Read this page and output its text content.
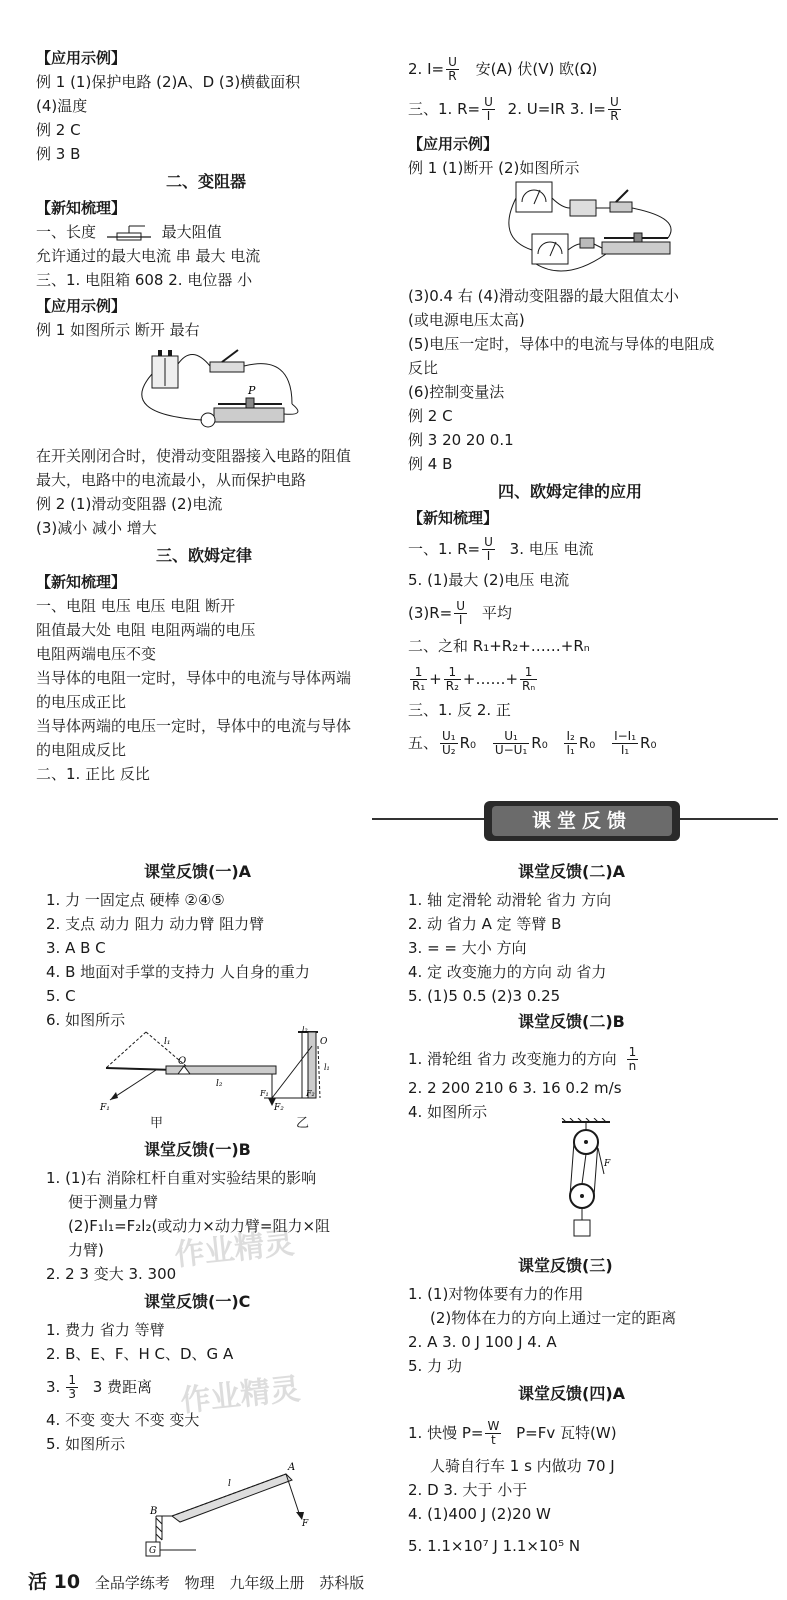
【应用示例】
例 1 (1)保护电路 (2)A、D (3)横截面积
(4)温度
例 2 C
例 3 B
二、变阻器
【新知梳理】
一、长度	最大阻值
允许通过的最大电流 串 最大 电流
三、1. 电阻箱 608 2. 电位器 小
【应用示例】
例 1 如图所示 断开 最右
P
在开关刚闭合时，使滑动变阻器接入电路的阻值
最大，电路中的电流最小，从而保护电路
例 2 (1)滑动变阻器 (2)电流
(3)减小 减小 增大
三、欧姆定律
【新知梳理】
一、电阻 电压 电压 电阻 断开
阻值最大处 电阻 电阻两端的电压
电阻两端电压不变
当导体的电阻一定时，导体中的电流与导体两端
的电压成正比
当导体两端的电压一定时，导体中的电流与导体
的电阻成反比
二、1. 正比 反比
2. $I= \frac{U}{R}$ 安(A) 伏(V) 欧(Ω)
三、1. $R= \frac{U}{I} 2$. U=IR 3. $I= \frac{U}{R}$
【应用示例】
例 1 (1)断开 (2)如图所示
(3)0.4 右 (4)滑动变阻器的最大阻值太小
(或电源电压太高)
(5)电压一定时，导体中的电流与导体的电阻成
反比
(6)控制变量法
例 2 C
例 3 20 20 0.1
例 4 B
四、欧姆定律的应用
【新知梳理】
一、1. $R= \frac{U}{I} 3$. 电压 电流
5. (1)最大 (2)电压 电流
$(3)R= \frac{U}{I}$ 平均
二、之和 R₁+R₂+……+Rₙ
$\frac{1}{\text{R₁}} + \frac{1}{\text{R₂}}$ +……+ $\frac{1}{\text{Rₙ}}$
三、1. 反 2. 正
五、 $\frac{\text{U₁}}{\text{U₂}} R_0 \frac{\text{U₁}}{\text{U−U₁}} R_0 \frac{\text{I₂}}{\text{I₁}} R_0 \frac{\text{I−I₁}}{\text{I₁}} R_0$
课堂反馈
课堂反馈(一)A
1. 力 一固定点 硬棒 ②④⑤
2. 支点 动力 阻力 动力臂 阻力臂
3. A B C
4. B 地面对手掌的支持力 人自身的重力
5. C
6. 如图所示
O
l₁
l₂
F₁	F₂
O
l₂
l₁
F₁	F₂
甲	乙
课堂反馈(一)B
1. (1)右 消除杠杆自重对实验结果的影响
便于测量力臂
(2)F₁l₁=F₂l₂(或动力×动力臂=阻力×阻
力臂)
2. 2 3 变大 3. 300
课堂反馈(一)C
1. 费力 省力 等臂
2. B、E、F、H C、D、G A
3. $\frac{1}{3} 3$ 费距离
4. 不变 变大 不变 变大
5. 如图所示
G
B
A
l
F
课堂反馈(二)A
1. 轴 定滑轮 动滑轮 省力 方向
2. 动 省力 A 定 等臂 B
3. = = 大小 方向
4. 定 改变施力的方向 动 省力
5. (1)5 0.5 (2)3 0.25
课堂反馈(二)B
1. 滑轮组 省力 改变施力的方向 $\frac{1}{n}$
2. 2 200 210 6 3. 16 0.2 m/s
4. 如图所示
F
课堂反馈(三)
1. (1)对物体要有力的作用
(2)物体在力的方向上通过一定的距离
2. A 3. 0 J 100 J 4. A
5. 力 功
课堂反馈(四)A
1. 快慢 $P= \frac{W}{t} P=Fv$ 瓦特(W)
人骑自行车 1 s 内做功 70 J
2. D 3. 大于 小于
4. (1)400 J (2)20 W
5. 1.1×10⁷ J 1.1×10⁵ N
作业精灵
作业精灵
活 10 全品学练考 物理 九年级上册 苏科版
